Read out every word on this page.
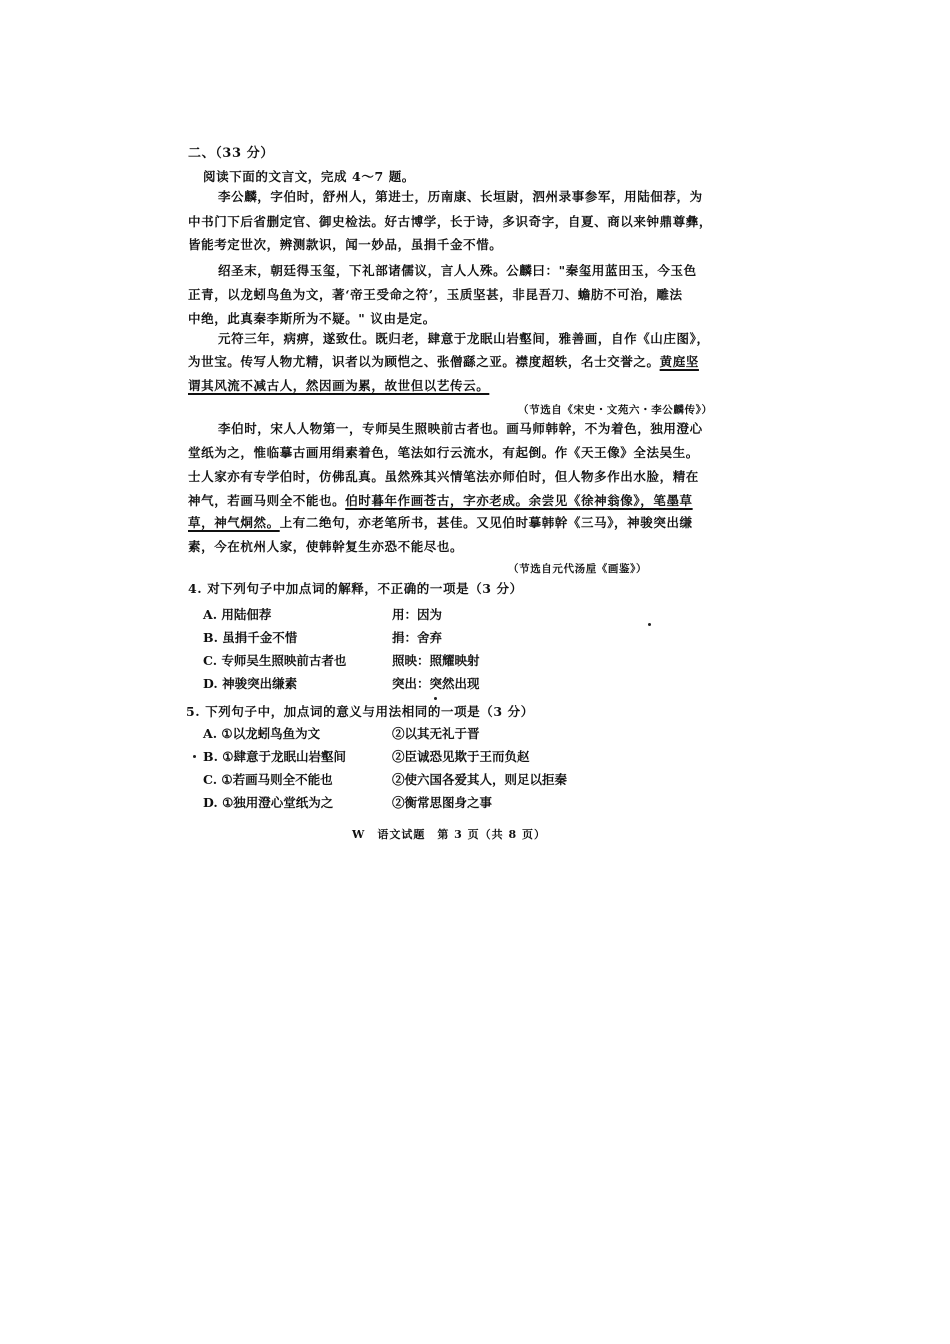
二、（33 分）
阅读下面的文言文，完成 4～7 题。
李公麟，字伯时，舒州人，第进士，历南康、长垣尉，泗州录事参军，用陆佃荐，为
中书门下后省删定官、御史检法。好古博学，长于诗，多识奇字，自夏、商以来钟鼎尊彝，
皆能考定世次，辨测款识，闻一妙品，虽捐千金不惜。
绍圣末，朝廷得玉玺，下礼部诸儒议，言人人殊。公麟曰："秦玺用蓝田玉，今玉色
正青，以龙蚓鸟鱼为文，著‘帝王受命之符’，玉质坚甚，非昆吾刀、蟾肪不可治，雕法
中绝，此真秦李斯所为不疑。" 议由是定。
元符三年，病痹，遂致仕。既归老，肆意于龙眠山岩壑间，雅善画，自作《山庄图》，
为世宝。传写人物尤精，识者以为顾恺之、张僧繇之亚。襟度超轶，名士交誉之。黄庭坚
谓其风流不减古人，然因画为累，故世但以艺传云。
（节选自《宋史・文苑六・李公麟传》）
李伯时，宋人人物第一，专师吴生照映前古者也。画马师韩幹，不为着色，独用澄心
堂纸为之，惟临摹古画用绢素着色，笔法如行云流水，有起倒。作《天王像》全法吴生。
士人家亦有专学伯时，仿佛乱真。虽然殊其兴情笔法亦师伯时，但人物多作出水脸，精在
神气，若画马则全不能也。伯时暮年作画苍古，字亦老成。余尝见《徐神翁像》，笔墨草
草，神气烔然。上有二绝句，亦老笔所书，甚佳。又见伯时摹韩幹《三马》，神骏突出缣
素，今在杭州人家，使韩幹复生亦恐不能尽也。
（节选自元代汤垕《画鉴》）
4. 对下列句子中加点词的解释，不正确的一项是（3 分）
A. 用陆佃荐	用：因为
B. 虽捐千金不惜	捐：舍弃
C. 专师吴生照映前古者也	照映：照耀映射
D. 神骏突出缣素	突出：突然出现
5. 下列句子中，加点词的意义与用法相同的一项是（3 分）
A. ①以龙蚓鸟鱼为文	②以其无礼于晋
B. ①肆意于龙眠山岩壑间	②臣诚恐见欺于王而负赵
C. ①若画马则全不能也	②使六国各爱其人，则足以拒秦
D. ①独用澄心堂纸为之	②衡常思图身之事
W　语文试题　第 3 页（共 8 页）
